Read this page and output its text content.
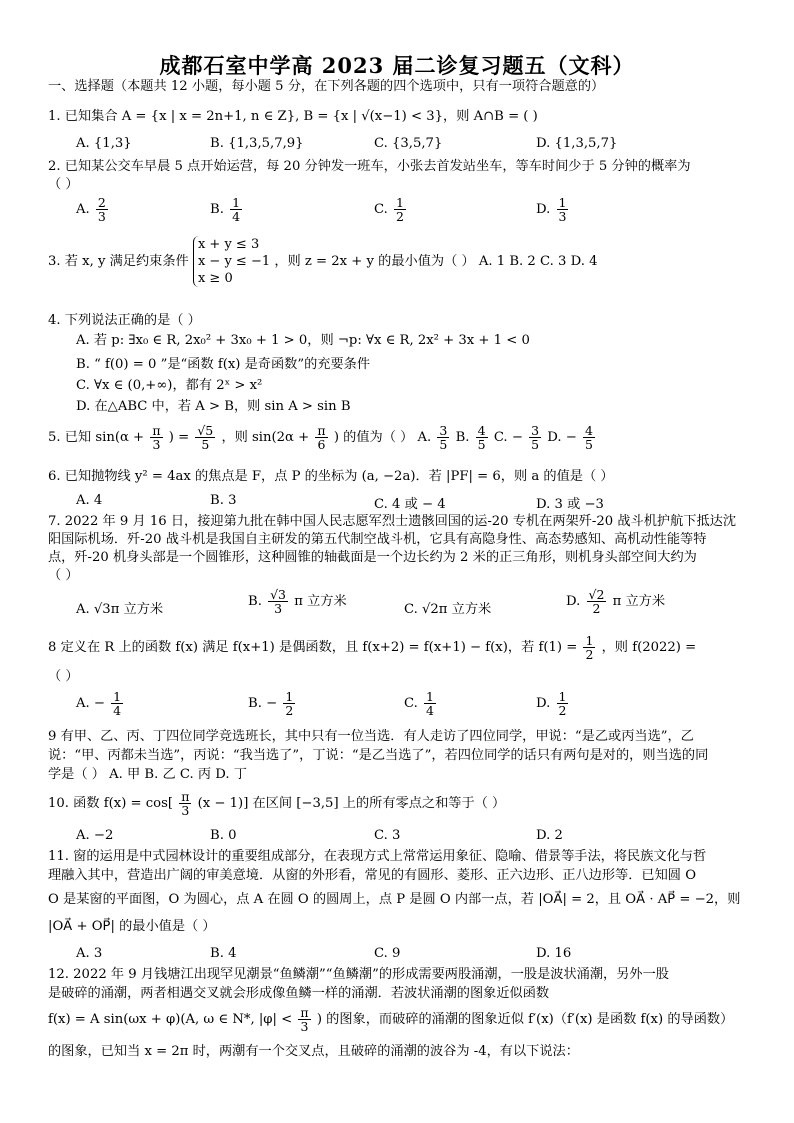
成都石室中学高 2023 届二诊复习题五（文科）
一、选择题（本题共 12 小题，每小题 5 分，在下列各题的四个选项中，只有一项符合题意的）
1. 已知集合 A = {x | x = 2n+1, n ∈ Z}, B = {x | √(x−1) < 3}，则 A∩B = ( )
A. {1,3}	B. {1,3,5,7,9}	C. {3,5,7}	D. {1,3,5,7}
2. 已知某公交车早晨 5 点开始运营，每 20 分钟发一班车，小张去首发站坐车，等车时间少于 5 分钟的概率为
（ ）
A. $\frac{2}{3}$	B. $\frac{1}{4}$	C. $\frac{1}{2}$	D. $\frac{1}{3}$
3. 若 x, y 满足约束条件
x + y ≤ 3
x − y ≤ −1
x ≥ 0
，则 z = 2x + y 的最小值为（ ） A. 1 B. 2 C. 3 D. 4
4. 下列说法正确的是（ ）
A. 若 p: ∃x₀ ∈ R, 2x₀² + 3x₀ + 1 > 0，则 ¬p: ∀x ∈ R, 2x² + 3x + 1 < 0
B. “ f(0) = 0 ”是“函数 f(x) 是奇函数”的充要条件
C. ∀x ∈ (0,+∞)，都有 2ˣ > x²
D. 在△ABC 中，若 A > B，则 sin A > sin B
5. 已知 $\sin(\alpha + \frac{\pi}{3}$ ) = $\frac{√5}{5}$ ，则 $\sin(2\alpha + \frac{\pi}{6}$ ) 的值为（ ） A. $\frac{3}{5} B$. $\frac{4}{5} C$. − $\frac{3}{5} D$. − $\frac{4}{5}$
6. 已知抛物线 y² = 4ax 的焦点是 F，点 P 的坐标为 (a, −2a)．若 |PF| = 6，则 a 的值是（ ）
A. 4	B. 3	C. 4 或 − 4	D. 3 或 −3
7. 2022 年 9 月 16 日，接迎第九批在韩中国人民志愿军烈士遗骸回国的运-20 专机在两架歼-20 战斗机护航下抵达沈
阳国际机场．歼-20 战斗机是我国自主研发的第五代制空战斗机，它具有高隐身性、高态势感知、高机动性能等特
点，歼-20 机身头部是一个圆锥形，这种圆锥的轴截面是一个边长约为 2 米的正三角形，则机身头部空间大约为
（ ）
A. √3π 立方米
B. $\frac{√3}{3}$ π 立方米
C. √2π 立方米
D. $\frac{√2}{2}$ π 立方米
8 定义在 R 上的函数 f(x) 满足 f(x+1) 是偶函数，且 f(x+2) = f(x+1) − f(x)，若 $f(1) = \frac{1}{2}$ ，则 f(2022) =
（ ）
A. − $\frac{1}{4}$	B. − $\frac{1}{2}$	C. $\frac{1}{4}$	D. $\frac{1}{2}$
9 有甲、乙、丙、丁四位同学竞选班长，其中只有一位当选．有人走访了四位同学，甲说：“是乙或丙当选”，乙
说：“甲、丙都未当选”，丙说：“我当选了”，丁说：“是乙当选了”，若四位同学的话只有两句是对的，则当选的同
学是（ ） A. 甲 B. 乙 C. 丙 D. 丁
10. 函数 $f(x) = \cos[ \frac{\pi}{3} (x - 1)]$ 在区间 [−3,5] 上的所有零点之和等于（ ）
A. −2	B. 0	C. 3	D. 2
11. 窗的运用是中式园林设计的重要组成部分，在表现方式上常常运用象征、隐喻、借景等手法，将民族文化与哲
理融入其中，营造出广阔的审美意境．从窗的外形看，常见的有圆形、菱形、正六边形、正八边形等．已知圆 O
O 是某窗的平面图，O 为圆心，点 A 在圆 O 的圆周上，点 P 是圆 O 内部一点，若 |OA⃗| = 2，且 OA⃗ · AP⃗ = −2，则
|OA⃗ + OP⃗| 的最小值是（ ）
A. 3	B. 4	C. 9	D. 16
12. 2022 年 9 月钱塘江出现罕见潮景“鱼鳞潮”“鱼鳞潮”的形成需要两股涌潮，一股是波状涌潮，另外一股
是破碎的涌潮，两者相遇交叉就会形成像鱼鳞一样的涌潮．若波状涌潮的图象近似函数
f(x) = A sin(ωx + φ)(A, ω ∈ N*, $|\varphi| < \frac{\pi}{3}$ ) 的图象，而破碎的涌潮的图象近似 f′(x)（f′(x) 是函数 f(x) 的导函数）
的图象，已知当 x = 2π 时，两潮有一个交叉点，且破碎的涌潮的波谷为 -4，有以下说法：
